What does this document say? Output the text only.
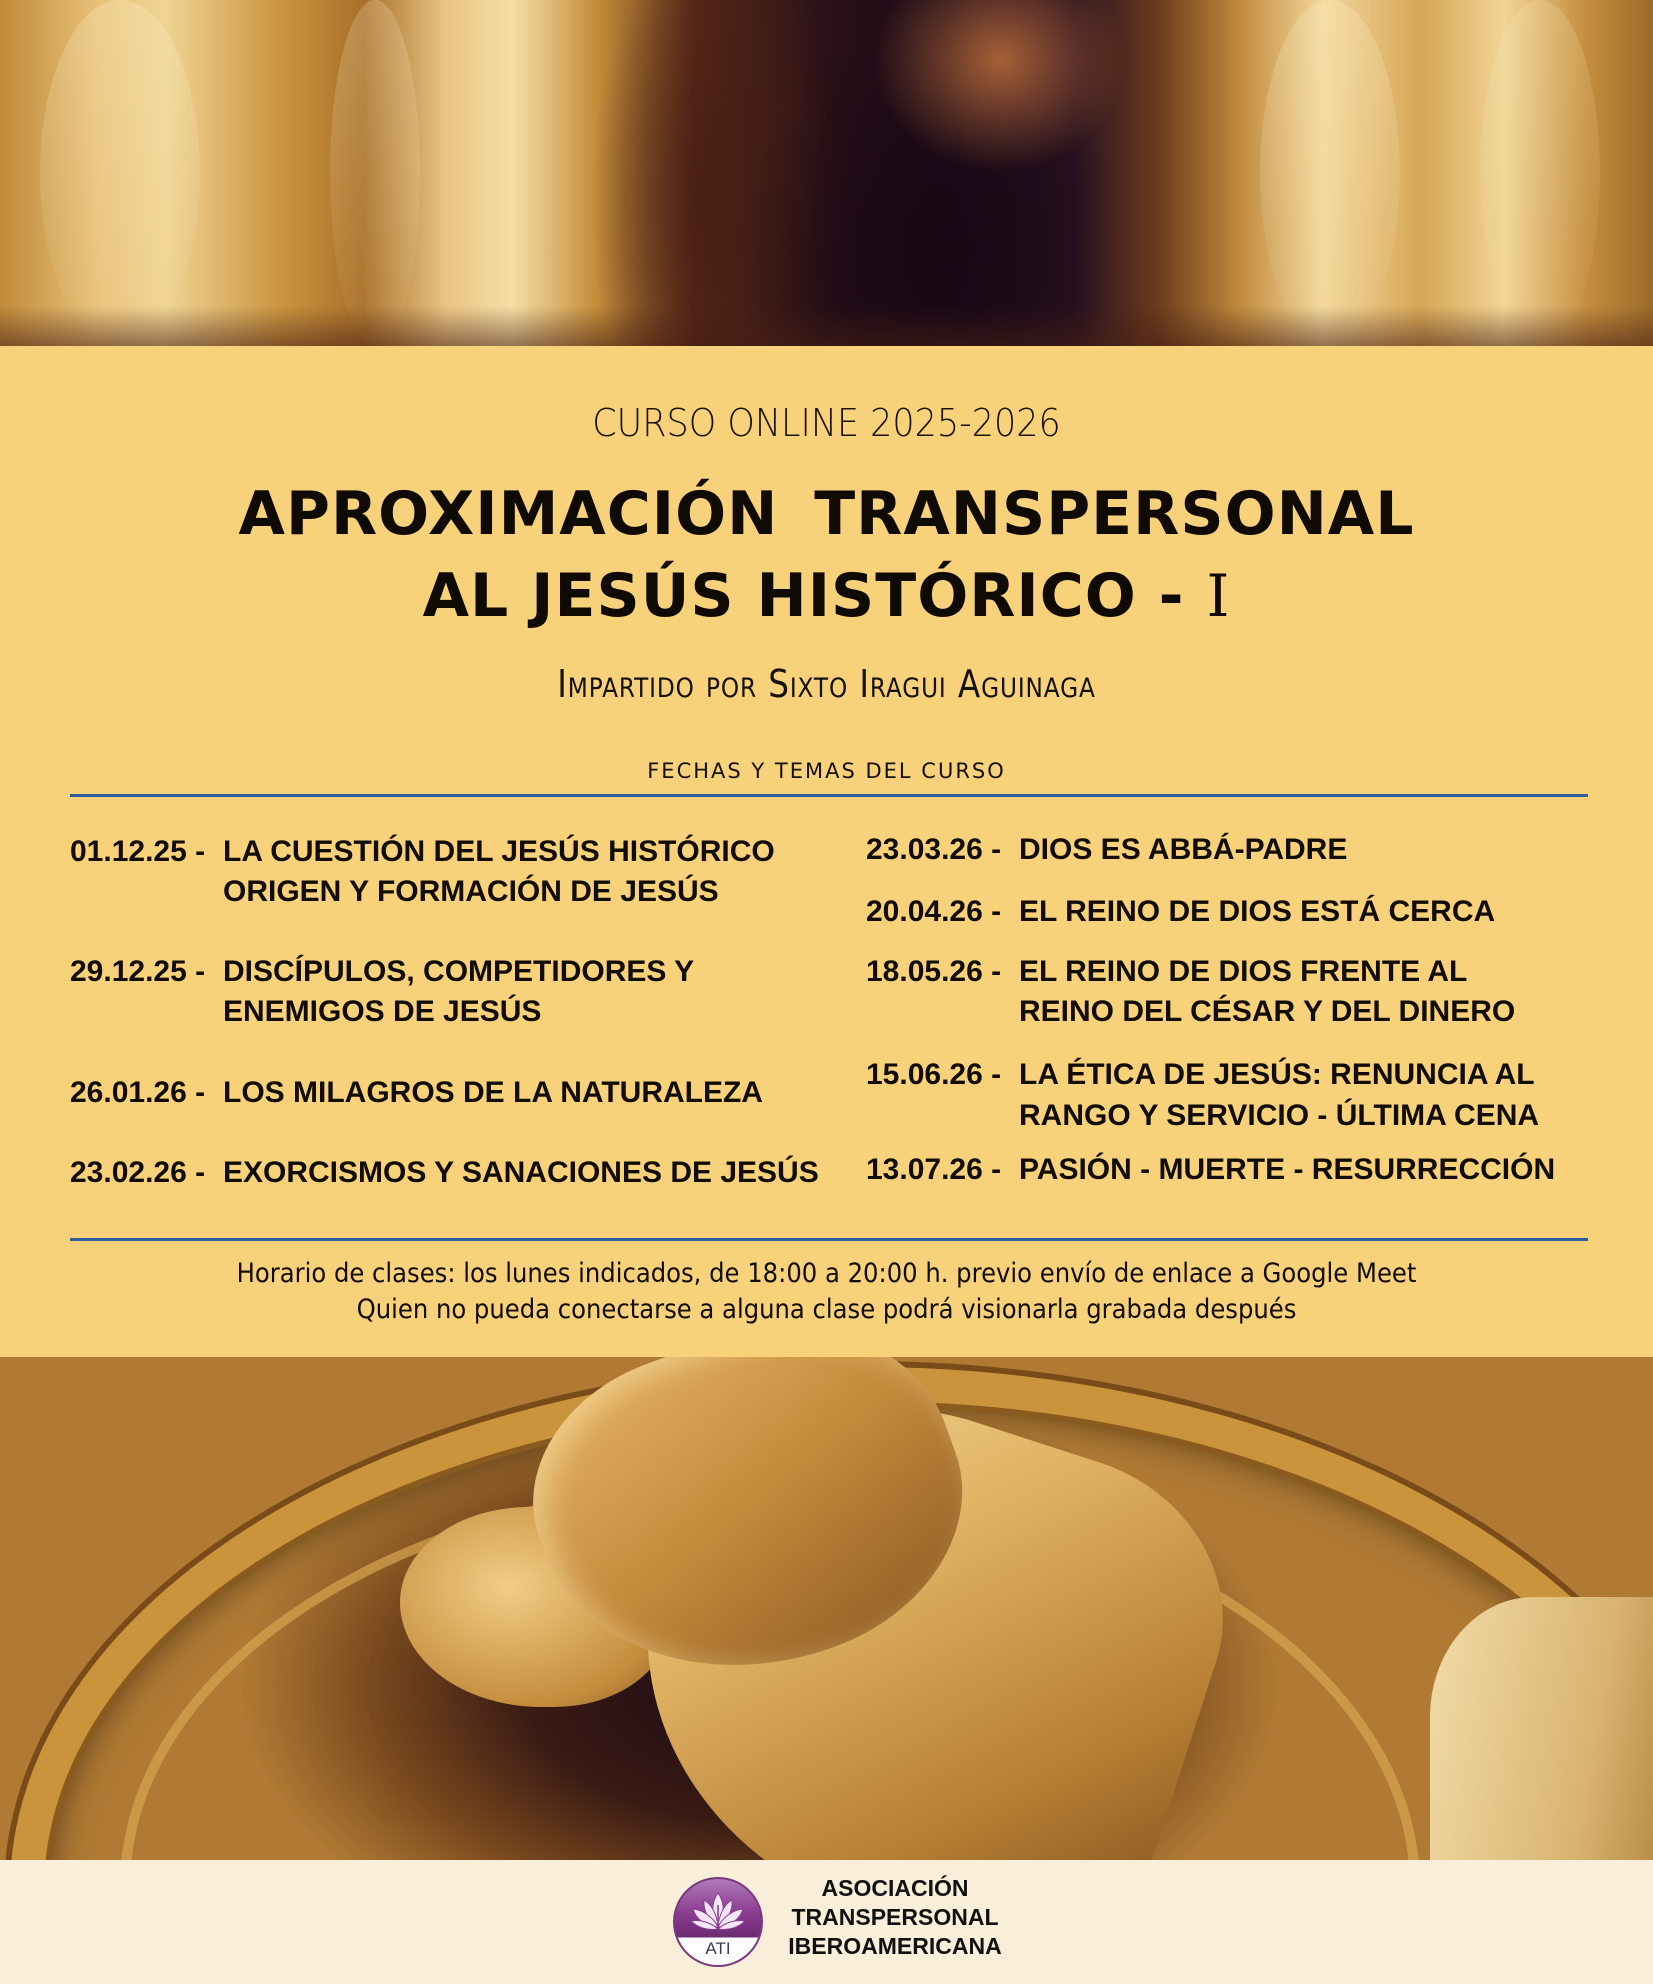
CURSO ONLINE 2025-2026
APROXIMACIÓN TRANSPERSONAL
AL JESÚS HISTÓRICO - I
Impartido por Sixto Iragui Aguinaga
FECHAS Y TEMAS DEL CURSO
01.12.25 - LA CUESTIÓN DEL JESÚS HISTÓRICO
ORIGEN Y FORMACIÓN DE JESÚS
29.12.25 - DISCÍPULOS, COMPETIDORES Y
ENEMIGOS DE JESÚS
26.01.26 - LOS MILAGROS DE LA NATURALEZA
23.02.26 - EXORCISMOS Y SANACIONES DE JESÚS
23.03.26 - DIOS ES ABBÁ-PADRE
20.04.26 - EL REINO DE DIOS ESTÁ CERCA
18.05.26 - EL REINO DE DIOS FRENTE AL
REINO DEL CÉSAR Y DEL DINERO
15.06.26 - LA ÉTICA DE JESÚS: RENUNCIA AL
RANGO Y SERVICIO - ÚLTIMA CENA
13.07.26 - PASIÓN - MUERTE - RESURRECCIÓN
Horario de clases: los lunes indicados, de 18:00 a 20:00 h. previo envío de enlace a Google Meet
Quien no pueda conectarse a alguna clase podrá visionarla grabada después
ATI
ASOCIACIÓN
TRANSPERSONAL
IBEROAMERICANA
